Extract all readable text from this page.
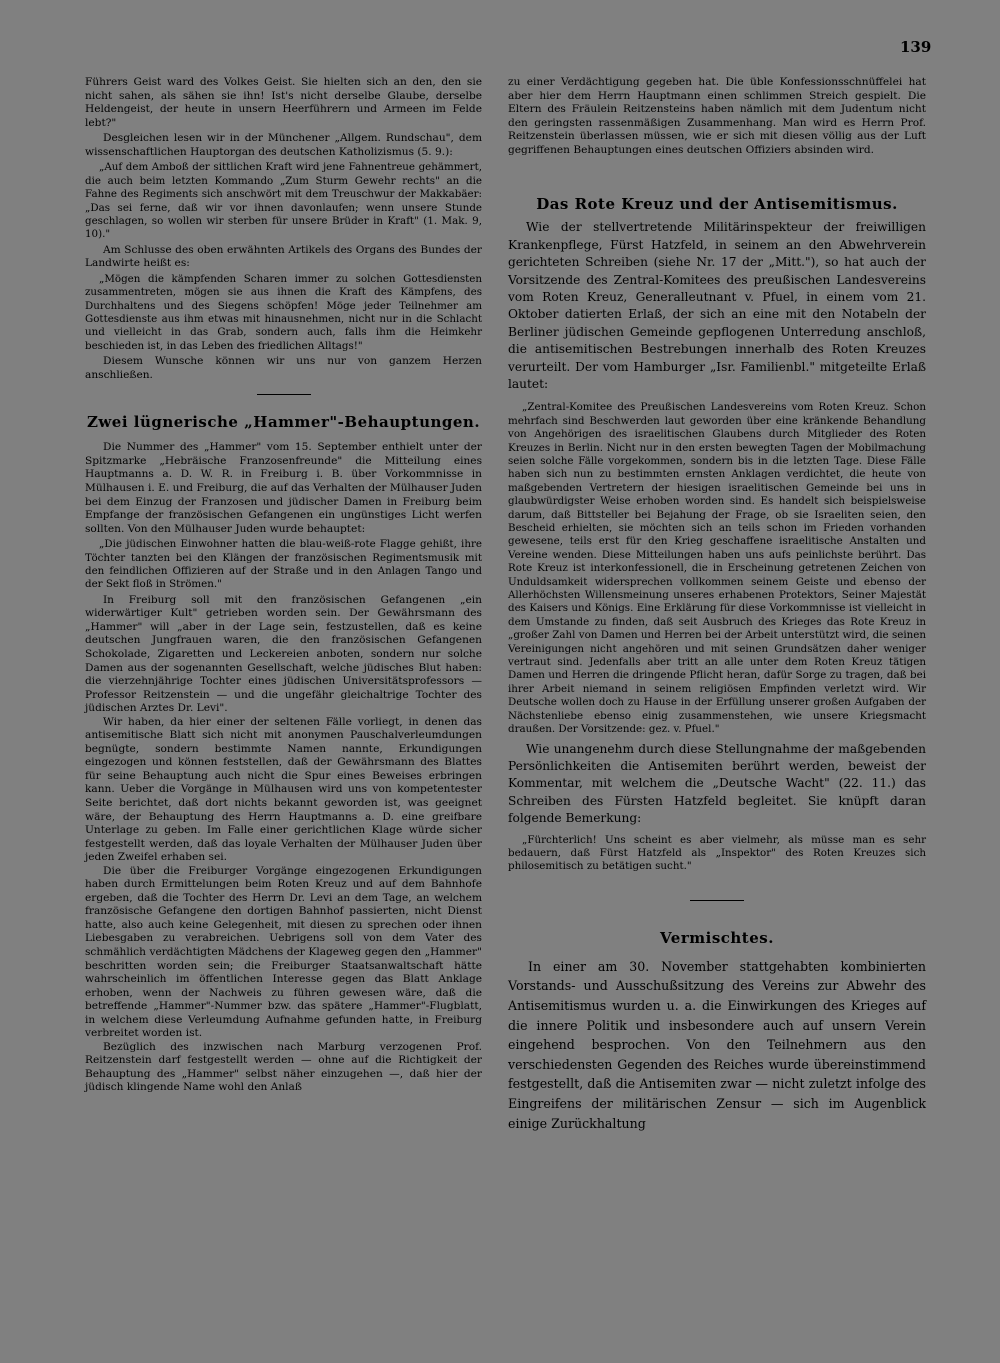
139

Führers Geist ward des Volkes Geist. Sie hielten sich an den, den sie nicht sahen, als sähen sie ihn! Ist's nicht derselbe Glaube, derselbe Heldengeist, der heute in unsern Heerführern und Armeen im Felde lebt?"

Desgleichen lesen wir in der Münchener „Allgem. Rundschau", dem wissenschaftlichen Hauptorgan des deutschen Katholizismus (5. 9.):

„Auf dem Amboß der sittlichen Kraft wird jene Fahnentreue gehämmert, die auch beim letzten Kommando „Zum Sturm Gewehr rechts" an die Fahne des Regiments sich anschwört mit dem Treuschwur der Makkabäer: „Das sei ferne, daß wir vor ihnen davonlaufen; wenn unsere Stunde geschlagen, so wollen wir sterben für unsere Brüder in Kraft" (1. Mak. 9, 10)."

Am Schlusse des oben erwähnten Artikels des Organs des Bundes der Landwirte heißt es:

„Mögen die kämpfenden Scharen immer zu solchen Gottesdiensten zusammentreten, mögen sie aus ihnen die Kraft des Kämpfens, des Durchhaltens und des Siegens schöpfen! Möge jeder Teilnehmer am Gottesdienste aus ihm etwas mit hinausnehmen, nicht nur in die Schlacht und vielleicht in das Grab, sondern auch, falls ihm die Heimkehr beschieden ist, in das Leben des friedlichen Alltags!"

Diesem Wunsche können wir uns nur von ganzem Herzen anschließen.

Zwei lügnerische „Hammer"-Behauptungen.

Die Nummer des „Hammer" vom 15. September enthielt unter der Spitzmarke „Hebräische Franzosenfreunde" die Mitteilung eines Hauptmanns a. D. W. R. in Freiburg i. B. über Vorkommnisse in Mülhausen i. E. und Freiburg, die auf das Verhalten der Mülhauser Juden bei dem Einzug der Franzosen und jüdischer Damen in Freiburg beim Empfange der französischen Gefangenen ein ungünstiges Licht werfen sollten. Von den Mülhauser Juden wurde behauptet:

„Die jüdischen Einwohner hatten die blau-weiß-rote Flagge gehißt, ihre Töchter tanzten bei den Klängen der französischen Regimentsmusik mit den feindlichen Offizieren auf der Straße und in den Anlagen Tango und der Sekt floß in Strömen."

In Freiburg soll mit den französischen Gefangenen „ein widerwärtiger Kult" getrieben worden sein. Der Gewährsmann des „Hammer" will „aber in der Lage sein, festzustellen, daß es keine deutschen Jungfrauen waren, die den französischen Gefangenen Schokolade, Zigaretten und Leckereien anboten, sondern nur solche Damen aus der sogenannten Gesellschaft, welche jüdisches Blut haben: die vierzehnjährige Tochter eines jüdischen Universitätsprofessors — Professor Reitzenstein — und die ungefähr gleichaltrige Tochter des jüdischen Arztes Dr. Levi".

Wir haben, da hier einer der seltenen Fälle vorliegt, in denen das antisemitische Blatt sich nicht mit anonymen Pauschalverleumdungen begnügte, sondern bestimmte Namen nannte, Erkundigungen eingezogen und können feststellen, daß der Gewährsmann des Blattes für seine Behauptung auch nicht die Spur eines Beweises erbringen kann. Ueber die Vorgänge in Mülhausen wird uns von kompetentester Seite berichtet, daß dort nichts bekannt geworden ist, was geeignet wäre, der Behauptung des Herrn Hauptmanns a. D. eine greifbare Unterlage zu geben. Im Falle einer gerichtlichen Klage würde sicher festgestellt werden, daß das loyale Verhalten der Mülhauser Juden über jeden Zweifel erhaben sei.

Die über die Freiburger Vorgänge eingezogenen Erkundigungen haben durch Ermittelungen beim Roten Kreuz und auf dem Bahnhofe ergeben, daß die Tochter des Herrn Dr. Levi an dem Tage, an welchem französische Gefangene den dortigen Bahnhof passierten, nicht Dienst hatte, also auch keine Gelegenheit, mit diesen zu sprechen oder ihnen Liebesgaben zu verabreichen. Uebrigens soll von dem Vater des schmählich verdächtigten Mädchens der Klageweg gegen den „Hammer" beschritten worden sein; die Freiburger Staatsanwaltschaft hätte wahrscheinlich im öffentlichen Interesse gegen das Blatt Anklage erhoben, wenn der Nachweis zu führen gewesen wäre, daß die betreffende „Hammer"-Nummer bzw. das spätere „Hammer"-Flugblatt, in welchem diese Verleumdung Aufnahme gefunden hatte, in Freiburg verbreitet worden ist.

Bezüglich des inzwischen nach Marburg verzogenen Prof. Reitzenstein darf festgestellt werden — ohne auf die Richtigkeit der Behauptung des „Hammer" selbst näher einzugehen —, daß hier der jüdisch klingende Name wohl den Anlaß

zu einer Verdächtigung gegeben hat. Die üble Konfessionsschnüffelei hat aber hier dem Herrn Hauptmann einen schlimmen Streich gespielt. Die Eltern des Fräulein Reitzensteins haben nämlich mit dem Judentum nicht den geringsten rassenmäßigen Zusammenhang. Man wird es Herrn Prof. Reitzenstein überlassen müssen, wie er sich mit diesen völlig aus der Luft gegriffenen Behauptungen eines deutschen Offiziers absinden wird.

Das Rote Kreuz und der Antisemitismus.

Wie der stellvertretende Militärinspekteur der freiwilligen Krankenpflege, Fürst Hatzfeld, in seinem an den Abwehrverein gerichteten Schreiben (siehe Nr. 17 der „Mitt."), so hat auch der Vorsitzende des Zentral-Komitees des preußischen Landesvereins vom Roten Kreuz, Generalleutnant v. Pfuel, in einem vom 21. Oktober datierten Erlaß, der sich an eine mit den Notabeln der Berliner jüdischen Gemeinde gepflogenen Unterredung anschloß, die antisemitischen Bestrebungen innerhalb des Roten Kreuzes verurteilt. Der vom Hamburger „Isr. Familienbl." mitgeteilte Erlaß lautet:

„Zentral-Komitee des Preußischen Landesvereins vom Roten Kreuz. Schon mehrfach sind Beschwerden laut geworden über eine kränkende Behandlung von Angehörigen des israelitischen Glaubens durch Mitglieder des Roten Kreuzes in Berlin. Nicht nur in den ersten bewegten Tagen der Mobilmachung seien solche Fälle vorgekommen, sondern bis in die letzten Tage. Diese Fälle haben sich nun zu bestimmten ernsten Anklagen verdichtet, die heute von maßgebenden Vertretern der hiesigen israelitischen Gemeinde bei uns in glaubwürdigster Weise erhoben worden sind. Es handelt sich beispielsweise darum, daß Bittsteller bei Bejahung der Frage, ob sie Israeliten seien, den Bescheid erhielten, sie möchten sich an teils schon im Frieden vorhanden gewesene, teils erst für den Krieg geschaffene israelitische Anstalten und Vereine wenden. Diese Mitteilungen haben uns aufs peinlichste berührt. Das Rote Kreuz ist interkonfessionell, die in Erscheinung getretenen Zeichen von Unduldsamkeit widersprechen vollkommen seinem Geiste und ebenso der Allerhöchsten Willensmeinung unseres erhabenen Protektors, Seiner Majestät des Kaisers und Königs. Eine Erklärung für diese Vorkommnisse ist vielleicht in dem Umstande zu finden, daß seit Ausbruch des Krieges das Rote Kreuz in „großer Zahl von Damen und Herren bei der Arbeit unterstützt wird, die seinen Vereinigungen nicht angehören und mit seinen Grundsätzen daher weniger vertraut sind. Jedenfalls aber tritt an alle unter dem Roten Kreuz tätigen Damen und Herren die dringende Pflicht heran, dafür Sorge zu tragen, daß bei ihrer Arbeit niemand in seinem religiösen Empfinden verletzt wird. Wir Deutsche wollen doch zu Hause in der Erfüllung unserer großen Aufgaben der Nächstenliebe ebenso einig zusammenstehen, wie unsere Kriegsmacht draußen. Der Vorsitzende: gez. v. Pfuel."

Wie unangenehm durch diese Stellungnahme der maßgebenden Persönlichkeiten die Antisemiten berührt werden, beweist der Kommentar, mit welchem die „Deutsche Wacht" (22. 11.) das Schreiben des Fürsten Hatzfeld begleitet. Sie knüpft daran folgende Bemerkung:

„Fürchterlich! Uns scheint es aber vielmehr, als müsse man es sehr bedauern, daß Fürst Hatzfeld als „Inspektor" des Roten Kreuzes sich philosemitisch zu betätigen sucht."

Vermischtes.

In einer am 30. November stattgehabten kombinierten Vorstands- und Ausschußsitzung des Vereins zur Abwehr des Antisemitismus wurden u. a. die Einwirkungen des Krieges auf die innere Politik und insbesondere auch auf unsern Verein eingehend besprochen. Von den Teilnehmern aus den verschiedensten Gegenden des Reiches wurde übereinstimmend festgestellt, daß die Antisemiten zwar — nicht zuletzt infolge des Eingreifens der militärischen Zensur — sich im Augenblick einige Zurückhaltung
